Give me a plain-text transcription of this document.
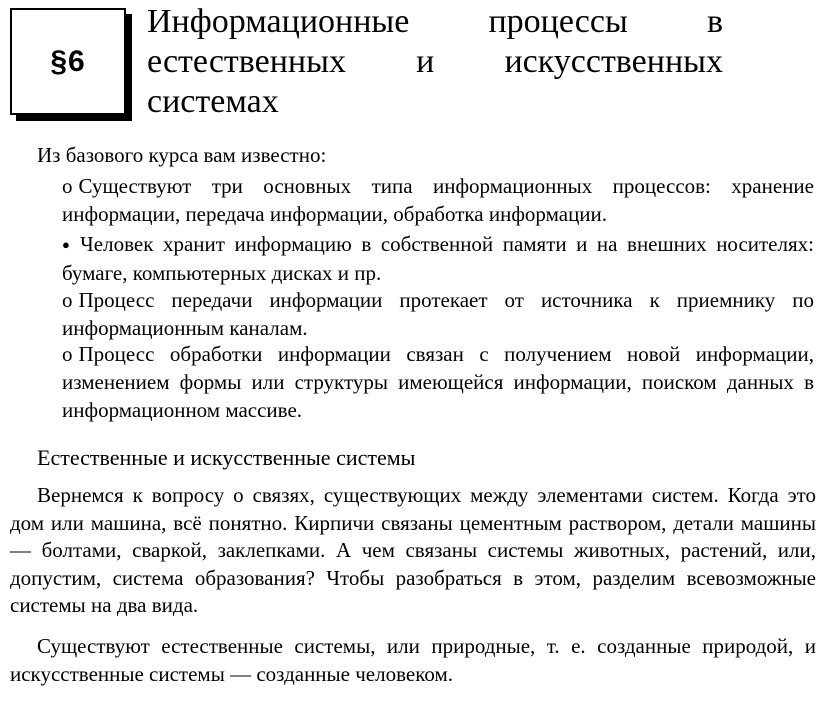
§6
Информационные процессы в естественных и искусственных системах
Из базового курса вам известно:
o Существуют три основных типа информационных процессов: хранение информации, передача информации, обработка информации.
● Человек хранит информацию в собственной памяти и на внешних носителях: бумаге, компьютерных дисках и пр.
o Процесс передачи информации протекает от источника к приемнику по информационным каналам.
o Процесс обработки информации связан с получением новой информации, изменением формы или структуры имеющейся информации, поиском данных в информационном массиве.
Естественные и искусственные системы
Вернемся к вопросу о связях, существующих между элементами систем. Когда это дом или машина, всё понятно. Кирпичи связаны цементным раствором, детали машины — болтами, сваркой, заклепками. А чем связаны системы животных, растений, или, допустим, система образования? Чтобы разобраться в этом, разделим всевозможные системы на два вида.
Существуют естественные системы, или природные, т. е. созданные природой, и искусственные системы — созданные человеком.
